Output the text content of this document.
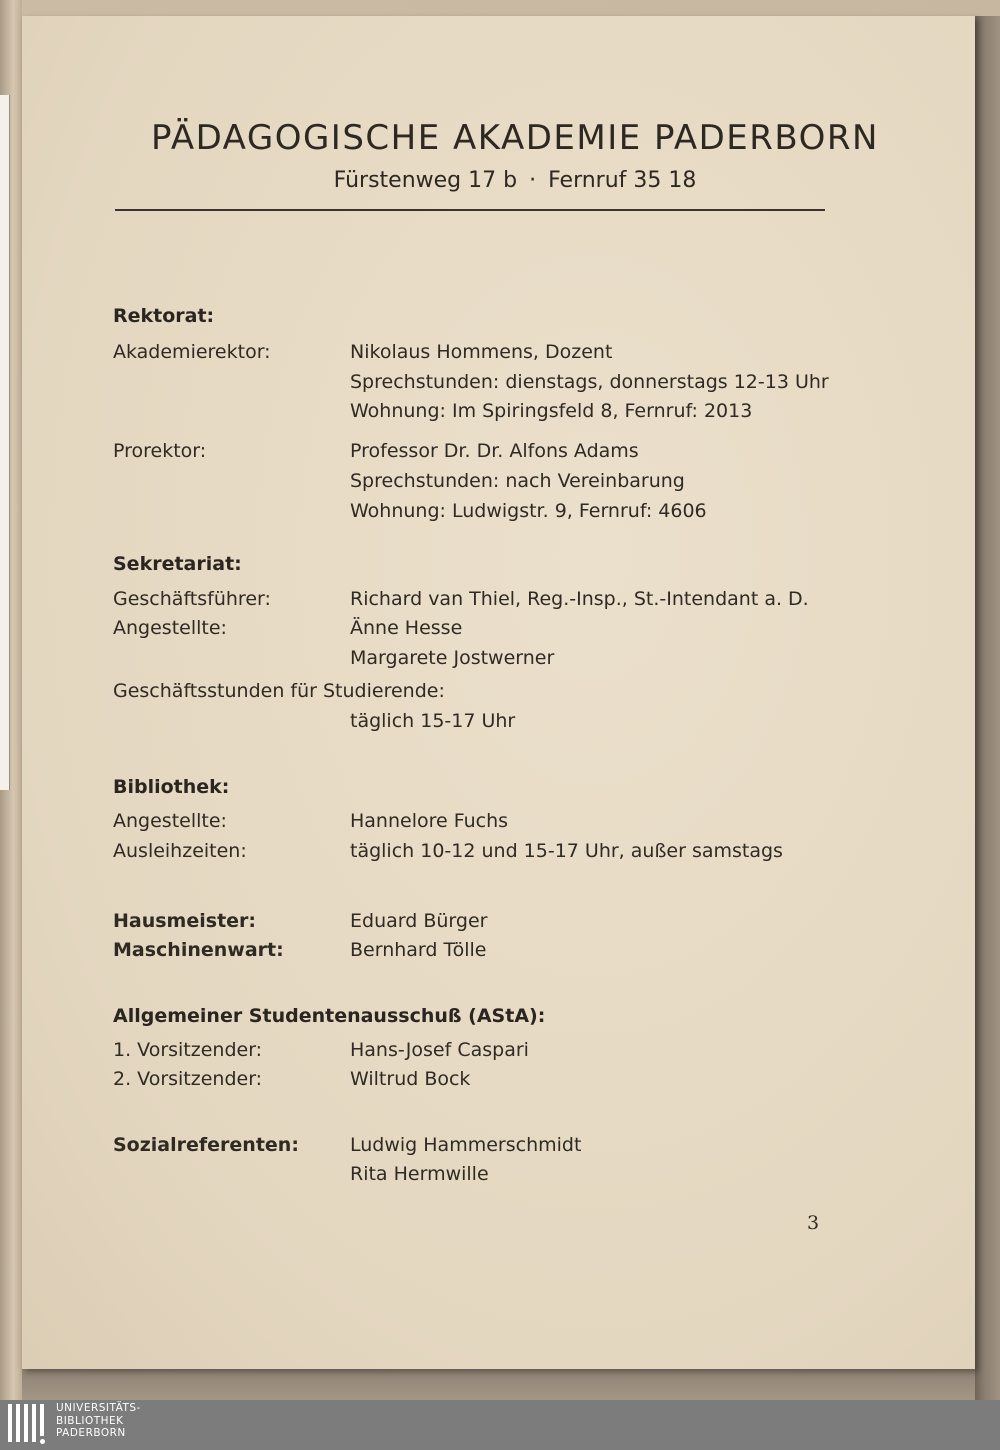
PÄDAGOGISCHE AKADEMIE PADERBORN
Fürstenweg 17 b · Fernruf 35 18
Rektorat:
Akademierektor:	Nikolaus Hommens, Dozent
Sprechstunden: dienstags, donnerstags 12-13 Uhr
Wohnung: Im Spiringsfeld 8, Fernruf: 2013
Prorektor:	Professor Dr. Dr. Alfons Adams
Sprechstunden: nach Vereinbarung
Wohnung: Ludwigstr. 9, Fernruf: 4606
Sekretariat:
Geschäftsführer:	Richard van Thiel, Reg.-Insp., St.-Intendant a. D.
Angestellte:	Änne Hesse
Margarete Jostwerner
Geschäftsstunden für Studierende:
täglich 15-17 Uhr
Bibliothek:
Angestellte:	Hannelore Fuchs
Ausleihzeiten:	täglich 10-12 und 15-17 Uhr, außer samstags
Hausmeister:	Eduard Bürger
Maschinenwart:	Bernhard Tölle
Allgemeiner Studentenausschuß (AStA):
1. Vorsitzender:	Hans-Josef Caspari
2. Vorsitzender:	Wiltrud Bock
Sozialreferenten:	Ludwig Hammerschmidt
Rita Hermwille
3
UNIVERSITÄTS-
BIBLIOTHEK
PADERBORN
